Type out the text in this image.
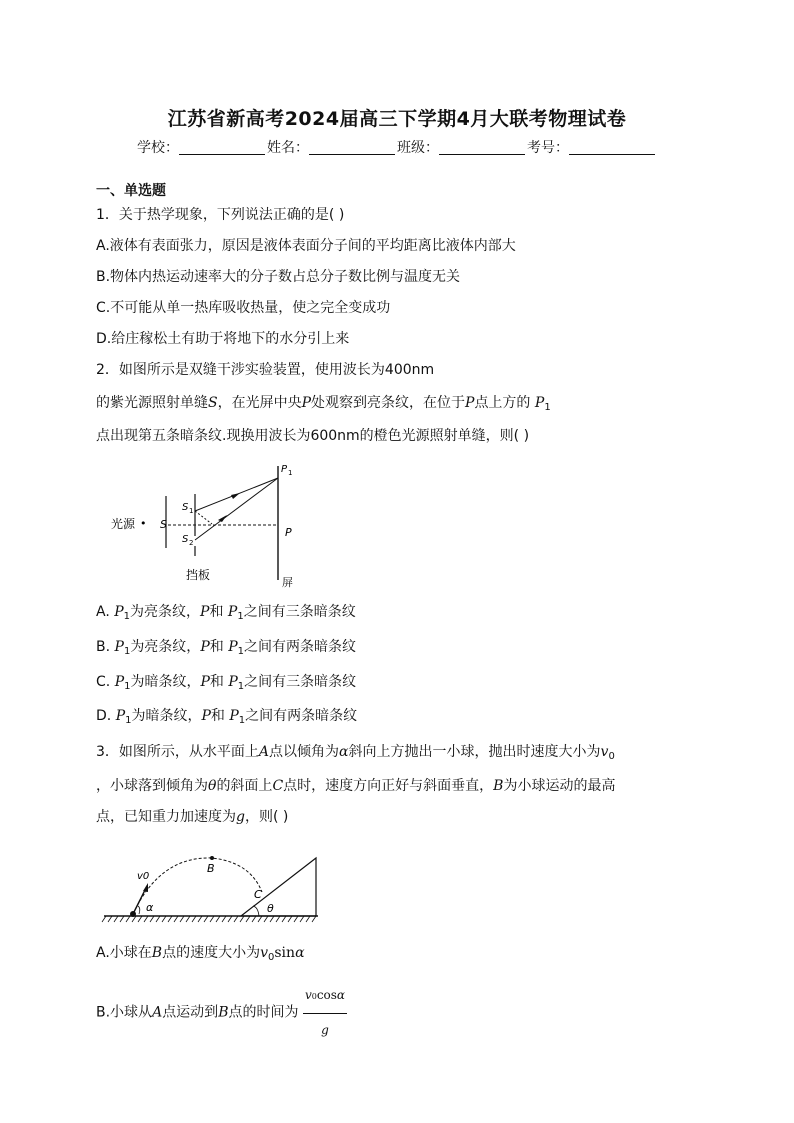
江苏省新高考2024届高三下学期4月大联考物理试卷
学校：	姓名：	班级：	考号：
一、单选题
1．关于热学现象，下列说法正确的是( )
A.液体有表面张力，原因是液体表面分子间的平均距离比液体内部大
B.物体内热运动速率大的分子数占总分子数比例与温度无关
C.不可能从单一热库吸收热量，使之完全变成功
D.给庄稼松土有助于将地下的水分引上来
2．如图所示是双缝干涉实验装置，使用波长为400nm
的紫光源照射单缝S，在光屏中央P处观察到亮条纹，在位于P点上方的 $P_1$
点出现第五条暗条纹.现换用波长为600nm的橙色光源照射单缝，则( )
光源 • S
S 1
S 2
P 1
P
挡板
屏
A. $P_1$为亮条纹，P和 $P_1$之间有三条暗条纹
B. $P_1$为亮条纹，P和 $P_1$之间有两条暗条纹
C. $P_1$为暗条纹，P和 $P_1$之间有三条暗条纹
D. $P_1$为暗条纹，P和 $P_1$之间有两条暗条纹
3．如图所示，从水平面上A点以倾角为α斜向上方抛出一小球，抛出时速度大小为$v_0$
，小球落到倾角为θ的斜面上C点时，速度方向正好与斜面垂直，B为小球运动的最高
点，已知重力加速度为g，则( )
v0
B
α
C
θ
A.小球在B点的速度大小为$v_0\sin\alpha$
B.小球从A点运动到B点的时间为 $\frac{v0\cos\alpha}{g}$
